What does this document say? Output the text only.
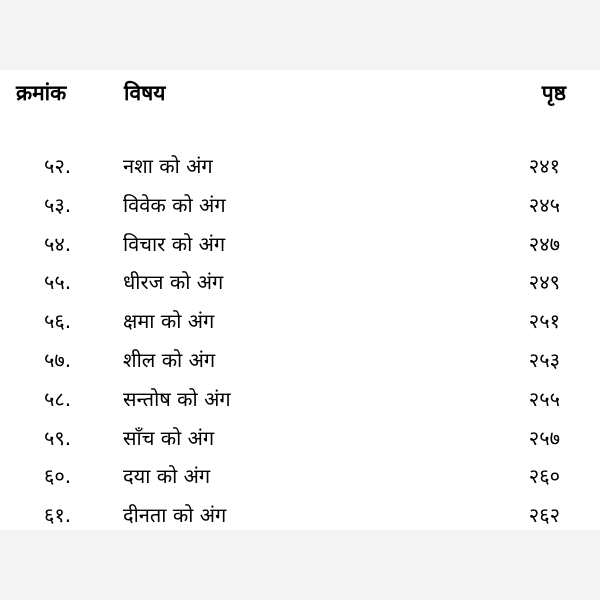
क्रमांक	विषय	पृष्ठ
५२.	नशा को अंग	२४१
५३.	विवेक को अंग	२४५
५४.	विचार को अंग	२४७
५५.	धीरज को अंग	२४९
५६.	क्षमा को अंग	२५१
५७.	शील को अंग	२५३
५८.	सन्तोष को अंग	२५५
५९.	साँच को अंग	२५७
६०.	दया को अंग	२६०
६१.	दीनता को अंग	२६२
